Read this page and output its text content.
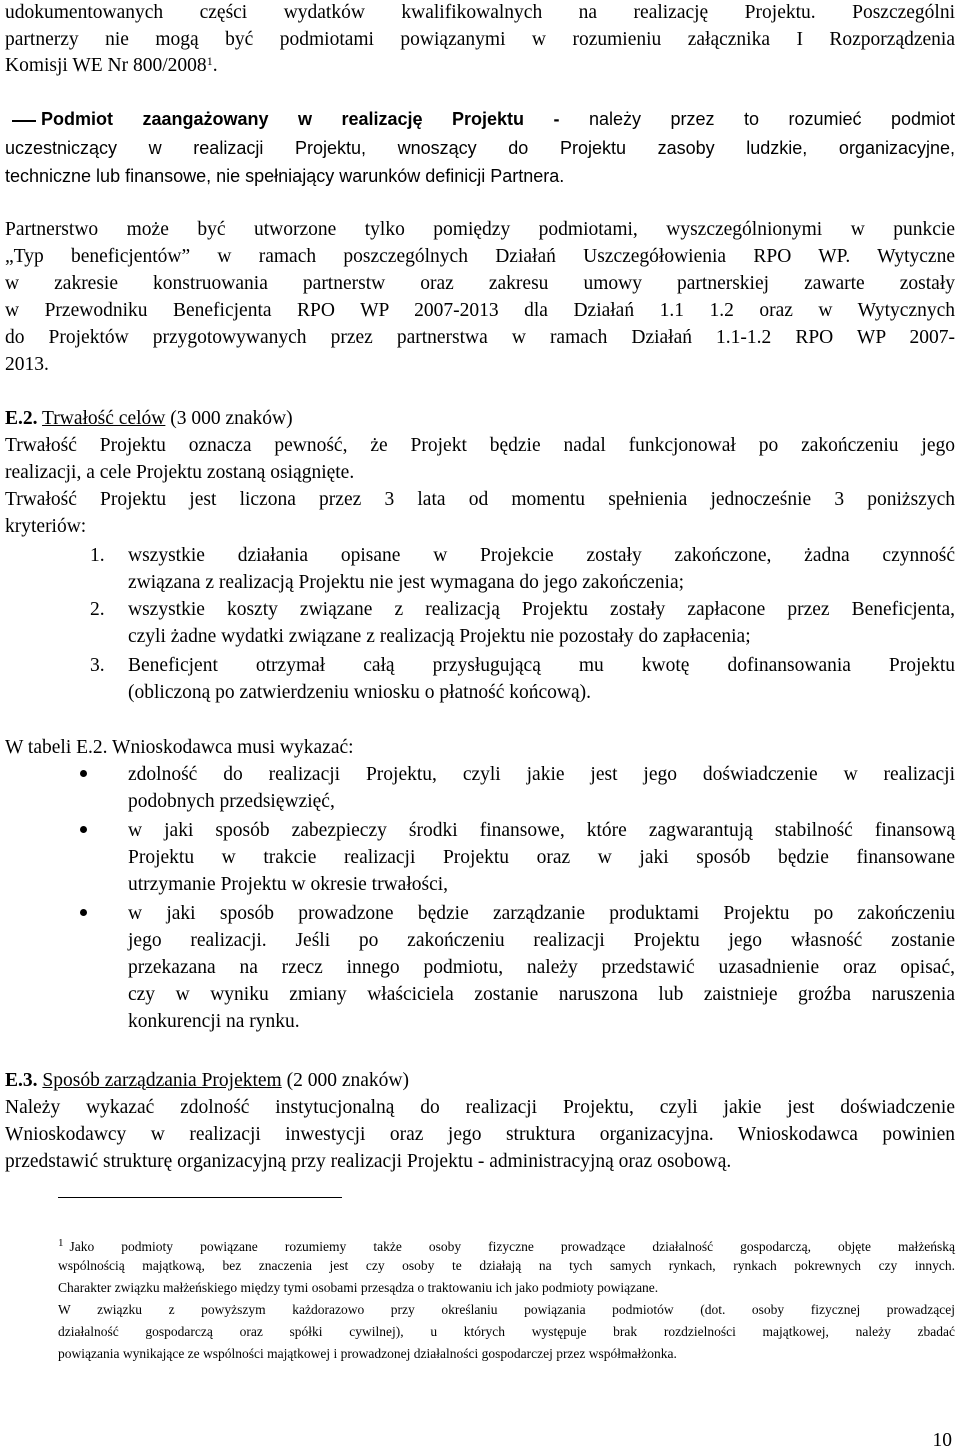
udokumentowanych części wydatków kwalifikowalnych na realizację Projektu. Poszczególni
partnerzy nie mogą być podmiotami powiązanymi w rozumieniu załącznika I Rozporządzenia
Komisji WE Nr 800/2008$^1$.
Podmiot zaangażowany w realizację Projektu - należy przez to rozumieć podmiot
uczestniczący w realizacji Projektu, wnoszący do Projektu zasoby ludzkie, organizacyjne,
techniczne lub finansowe, nie spełniający warunków definicji Partnera.
Partnerstwo może być utworzone tylko pomiędzy podmiotami, wyszczególnionymi w punkcie
„Typ beneficjentów” w ramach poszczególnych Działań Uszczegółowienia RPO WP. Wytyczne
w zakresie konstruowania partnerstw oraz zakresu umowy partnerskiej zawarte zostały
w Przewodniku Beneficjenta RPO WP 2007-2013 dla Działań 1.1 1.2 oraz w Wytycznych
do Projektów przygotowywanych przez partnerstwa w ramach Działań 1.1-1.2 RPO WP 2007-
2013.
E.2. Trwałość celów (3 000 znaków)
Trwałość Projektu oznacza pewność, że Projekt będzie nadal funkcjonował po zakończeniu jego
realizacji, a cele Projektu zostaną osiągnięte.
Trwałość Projektu jest liczona przez 3 lata od momentu spełnienia jednocześnie 3 poniższych
kryteriów:
1. wszystkie działania opisane w Projekcie zostały zakończone, żadna czynność
związana z realizacją Projektu nie jest wymagana do jego zakończenia;
2. wszystkie koszty związane z realizacją Projektu zostały zapłacone przez Beneficjenta,
czyli żadne wydatki związane z realizacją Projektu nie pozostały do zapłacenia;
3. Beneficjent otrzymał całą przysługującą mu kwotę dofinansowania Projektu
(obliczoną po zatwierdzeniu wniosku o płatność końcową).
W tabeli E.2. Wnioskodawca musi wykazać:
zdolność do realizacji Projektu, czyli jakie jest jego doświadczenie w realizacji
podobnych przedsięwzięć,
w jaki sposób zabezpieczy środki finansowe, które zagwarantują stabilność finansową
Projektu w trakcie realizacji Projektu oraz w jaki sposób będzie finansowane
utrzymanie Projektu w okresie trwałości,
w jaki sposób prowadzone będzie zarządzanie produktami Projektu po zakończeniu
jego realizacji. Jeśli po zakończeniu realizacji Projektu jego własność zostanie
przekazana na rzecz innego podmiotu, należy przedstawić uzasadnienie oraz opisać,
czy w wyniku zmiany właściciela zostanie naruszona lub zaistnieje groźba naruszenia
konkurencji na rynku.
E.3. Sposób zarządzania Projektem (2 000 znaków)
Należy wykazać zdolność instytucjonalną do realizacji Projektu, czyli jakie jest doświadczenie
Wnioskodawcy w realizacji inwestycji oraz jego struktura organizacyjna. Wnioskodawca powinien
przedstawić strukturę organizacyjną przy realizacji Projektu - administracyjną oraz osobową.
$^1$ Jako podmioty powiązane rozumiemy także osoby fizyczne prowadzące działalność gospodarczą, objęte małżeńską
wspólnością majątkową, bez znaczenia jest czy osoby te działają na tych samych rynkach, rynkach pokrewnych czy innych.
Charakter związku małżeńskiego między tymi osobami przesądza o traktowaniu ich jako podmioty powiązane.
W związku z powyższym każdorazowo przy określaniu powiązania podmiotów (dot. osoby fizycznej prowadzącej
działalność gospodarczą oraz spółki cywilnej), u których występuje brak rozdzielności majątkowej, należy zbadać
powiązania wynikające ze wspólności majątkowej i prowadzonej działalności gospodarczej przez współmałżonka.
10
